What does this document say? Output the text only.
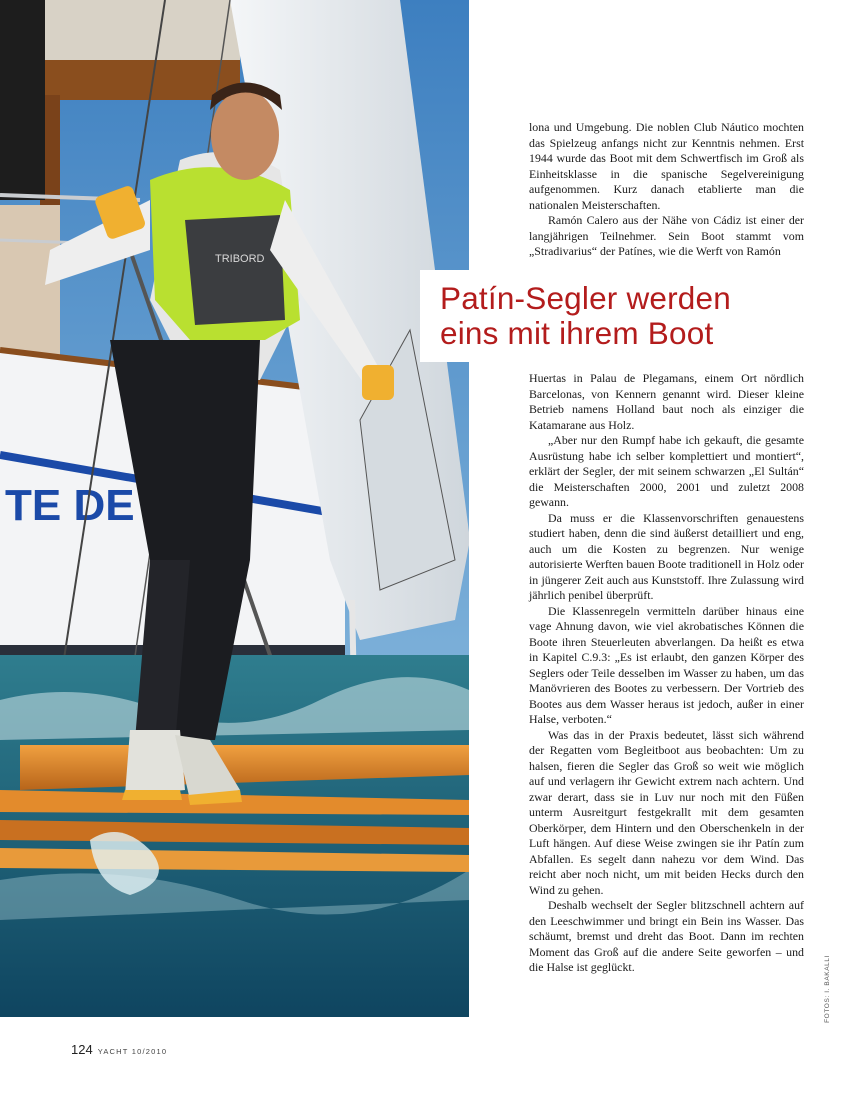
TE DE
TRIBORD
Patín-Segler werden
eins mit ihrem Boot

lona und Umgebung. Die noblen Club Náutico mochten das Spielzeug anfangs nicht zur Kenntnis nehmen. Erst 1944 wurde das Boot mit dem Schwertfisch im Groß als Einheitsklasse in die spanische Segelvereinigung aufgenommen. Kurz danach etablierte man die nationalen Meisterschaften.

Ramón Calero aus der Nähe von Cádiz ist einer der langjährigen Teilnehmer. Sein Boot stammt vom „Stradivarius“ der Patínes, wie die Werft von Ramón

Huertas in Palau de Plegamans, einem Ort nördlich Barcelonas, von Kennern genannt wird. Dieser kleine Betrieb namens Holland baut noch als einziger die Katamarane aus Holz.

„Aber nur den Rumpf habe ich gekauft, die gesamte Ausrüstung habe ich selber komplettiert und montiert“, erklärt der Segler, der mit seinem schwarzen „El Sultán“ die Meisterschaften 2000, 2001 und zuletzt 2008 gewann.

Da muss er die Klassenvorschriften genauestens studiert haben, denn die sind äußerst detailliert und eng, auch um die Kosten zu begrenzen. Nur wenige autorisierte Werften bauen Boote traditionell in Holz oder in jüngerer Zeit auch aus Kunststoff. Ihre Zulassung wird jährlich penibel überprüft.

Die Klassenregeln vermitteln darüber hinaus eine vage Ahnung davon, wie viel akrobatisches Können die Boote ihren Steuerleuten abverlangen. Da heißt es etwa in Kapitel C.9.3: „Es ist erlaubt, den ganzen Körper des Seglers oder Teile desselben im Wasser zu haben, um das Manövrieren des Bootes zu verbessern. Der Vortrieb des Bootes aus dem Wasser heraus ist jedoch, außer in einer Halse, verboten.“

Was das in der Praxis bedeutet, lässt sich während der Regatten vom Begleitboot aus beobachten: Um zu halsen, fieren die Segler das Groß so weit wie möglich auf und verlagern ihr Gewicht extrem nach achtern. Und zwar derart, dass sie in Luv nur noch mit den Füßen unterm Ausreitgurt festgekrallt mit dem gesamten Oberkörper, dem Hintern und den Oberschenkeln in der Luft hängen. Auf diese Weise zwingen sie ihr Patín zum Abfallen. Es segelt dann nahezu vor dem Wind. Das reicht aber noch nicht, um mit beiden Hecks durch den Wind zu gehen.

Deshalb wechselt der Segler blitzschnell achtern auf den Leeschwimmer und bringt ein Bein ins Wasser. Das schäumt, bremst und dreht das Boot. Dann im rechten Moment das Groß auf die andere Seite geworfen – und die Halse ist geglückt.	FOTOS: I. BAKALLI
124 YACHT 10/2010
